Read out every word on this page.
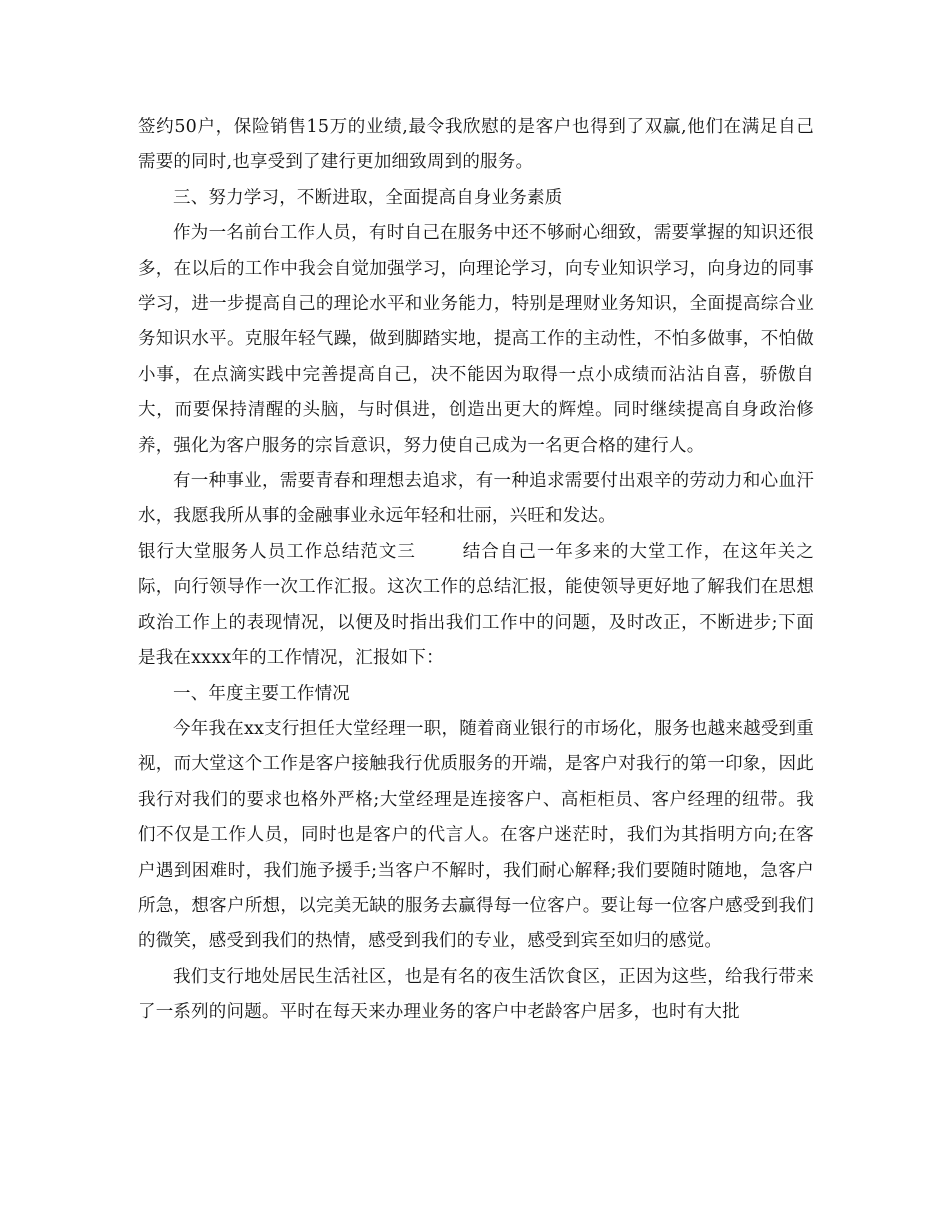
签约50户，保险销售15万的业绩,最令我欣慰的是客户也得到了双赢,他们在满足自己需要的同时,也享受到了建行更加细致周到的服务。

三、努力学习，不断进取，全面提高自身业务素质

作为一名前台工作人员，有时自己在服务中还不够耐心细致，需要掌握的知识还很多，在以后的工作中我会自觉加强学习，向理论学习，向专业知识学习，向身边的同事学习，进一步提高自己的理论水平和业务能力，特别是理财业务知识，全面提高综合业务知识水平。克服年轻气躁，做到脚踏实地，提高工作的主动性，不怕多做事，不怕做小事，在点滴实践中完善提高自己，决不能因为取得一点小成绩而沾沾自喜，骄傲自大，而要保持清醒的头脑，与时俱进，创造出更大的辉煌。同时继续提高自身政治修养，强化为客户服务的宗旨意识，努力使自己成为一名更合格的建行人。

有一种事业，需要青春和理想去追求，有一种追求需要付出艰辛的劳动力和心血汗水，我愿我所从事的金融事业永远年轻和壮丽，兴旺和发达。

银行大堂服务人员工作总结范文三	结合自己一年多来的大堂工作，在这年关之际，向行领导作一次工作汇报。这次工作的总结汇报，能使领导更好地了解我们在思想政治工作上的表现情况，以便及时指出我们工作中的问题，及时改正，不断进步;下面是我在xxxx年的工作情况，汇报如下：

一、年度主要工作情况

今年我在xx支行担任大堂经理一职，随着商业银行的市场化，服务也越来越受到重视，而大堂这个工作是客户接触我行优质服务的开端，是客户对我行的第一印象，因此我行对我们的要求也格外严格;大堂经理是连接客户、高柜柜员、客户经理的纽带。我们不仅是工作人员，同时也是客户的代言人。在客户迷茫时，我们为其指明方向;在客户遇到困难时，我们施予援手;当客户不解时，我们耐心解释;我们要随时随地，急客户所急，想客户所想，以完美无缺的服务去赢得每一位客户。要让每一位客户感受到我们的微笑，感受到我们的热情，感受到我们的专业，感受到宾至如归的感觉。

我们支行地处居民生活社区，也是有名的夜生活饮食区，正因为这些，给我行带来了一系列的问题。平时在每天来办理业务的客户中老龄客户居多，也时有大批
